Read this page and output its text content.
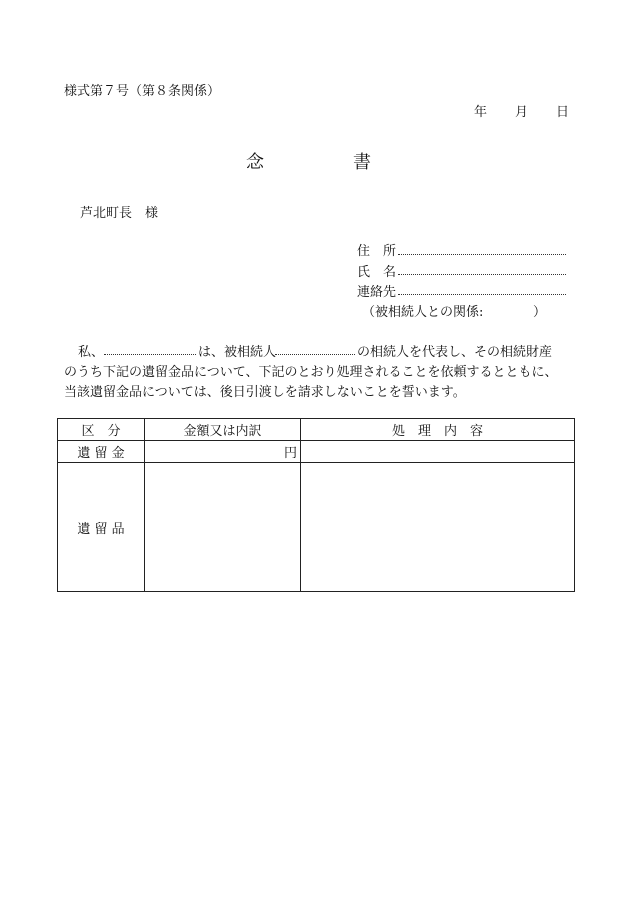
様式第７号（第８条関係）
年 月 日
念	書
芦北町長　様
住　所
氏　名
連絡先
（被相続人との関係:	）
私、	は、被相続人	の相続人を代表し、その相続財産
のうち下記の遺留金品について、下記のとおり処理されることを依頼するとともに、
当該遺留金品については、後日引渡しを請求しないことを誓います。
区　分	金額又は内訳	処　理　内　容
遺 留 金	円	
遺 留 品		
